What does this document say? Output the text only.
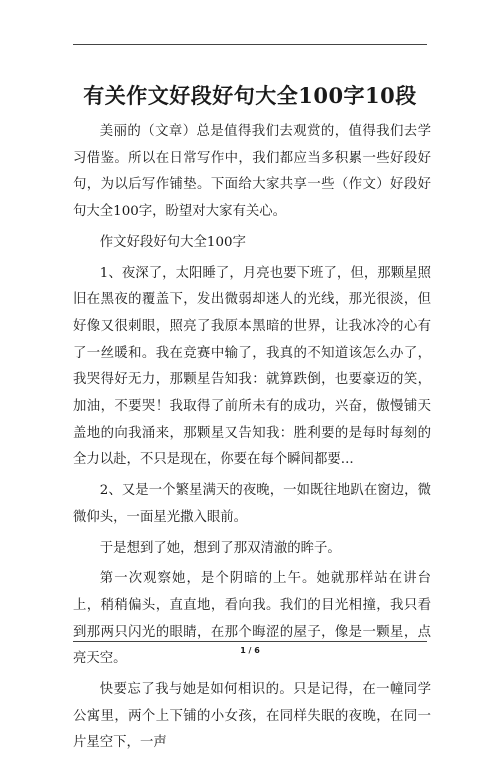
有关作文好段好句大全100字10段

美丽的（文章）总是值得我们去观赏的，值得我们去学习借鉴。所以在日常写作中，我们都应当多积累一些好段好句，为以后写作铺垫。下面给大家共享一些（作文）好段好句大全100字，盼望对大家有关心。

作文好段好句大全100字

1、夜深了，太阳睡了，月亮也要下班了，但，那颗星照旧在黑夜的覆盖下，发出微弱却迷人的光线，那光很淡，但好像又很刺眼，照亮了我原本黑暗的世界，让我冰冷的心有了一丝暖和。我在竞赛中输了，我真的不知道该怎么办了，我哭得好无力，那颗星告知我：就算跌倒，也要豪迈的笑，加油，不要哭！我取得了前所未有的成功，兴奋，傲慢铺天盖地的向我涌来，那颗星又告知我：胜利要的是每时每刻的全力以赴，不只是现在，你要在每个瞬间都要...

2、又是一个繁星满天的夜晚，一如既往地趴在窗边，微微仰头，一面星光撒入眼前。

于是想到了她，想到了那双清澈的眸子。

第一次观察她，是个阴暗的上午。她就那样站在讲台上，稍稍偏头，直直地，看向我。我们的目光相撞，我只看到那两只闪光的眼睛，在那个晦涩的屋子，像是一颗星，点亮天空。

快要忘了我与她是如何相识的。只是记得，在一幢同学公寓里，两个上下铺的小女孩，在同样失眠的夜晚，在同一片星空下，一声

1 / 6
